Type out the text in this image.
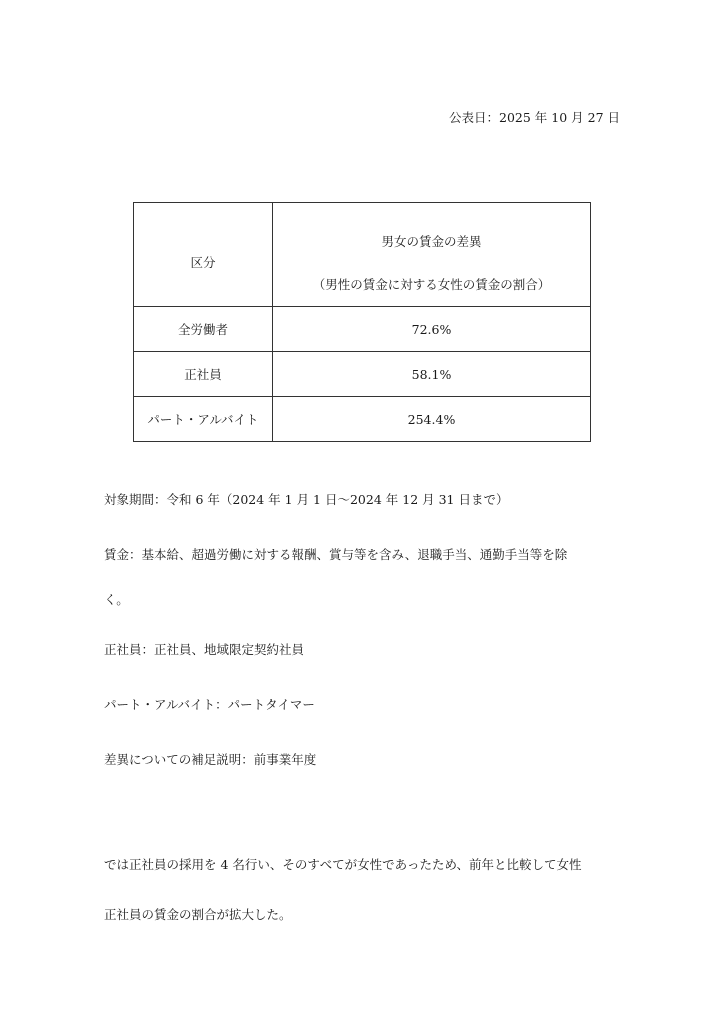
公表日：2025 年 10 月 27 日
区分	男女の賃金の差異
（男性の賃金に対する女性の賃金の割合）

全労働者	72.6%
正社員	58.1%
パート・アルバイト	254.4%
対象期間：令和 6 年（2024 年 1 月 1 日～2024 年 12 月 31 日まで）
賃金：基本給、超過労働に対する報酬、賞与等を含み、退職手当、通勤手当等を除
く。
正社員：正社員、地域限定契約社員
パート・アルバイト：パートタイマー
差異についての補足説明：前事業年度
では正社員の採用を 4 名行い、そのすべてが女性であったため、前年と比較して女性
正社員の賃金の割合が拡大した。
